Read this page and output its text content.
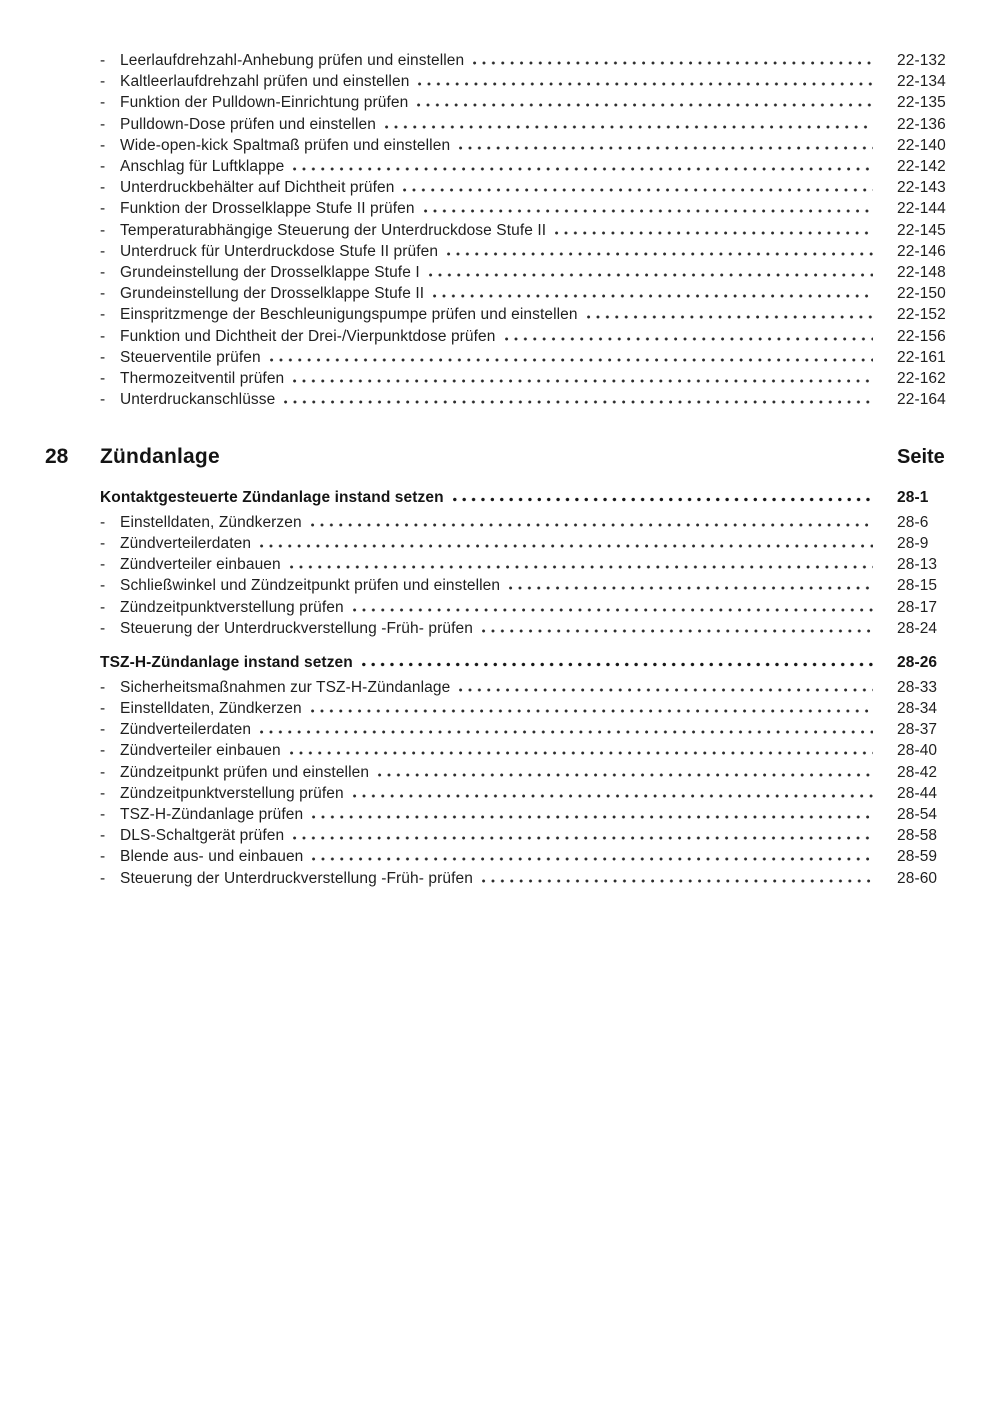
- Leerlaufdrehzahl-Anhebung prüfen und einstellen	22-132
- Kaltleerlaufdrehzahl prüfen und einstellen	22-134
- Funktion der Pulldown-Einrichtung prüfen	22-135
- Pulldown-Dose prüfen und einstellen	22-136
- Wide-open-kick Spaltmaß prüfen und einstellen	22-140
- Anschlag für Luftklappe	22-142
- Unterdruckbehälter auf Dichtheit prüfen	22-143
- Funktion der Drosselklappe Stufe II prüfen	22-144
- Temperaturabhängige Steuerung der Unterdruckdose Stufe II	22-145
- Unterdruck für Unterdruckdose Stufe II prüfen	22-146
- Grundeinstellung der Drosselklappe Stufe I	22-148
- Grundeinstellung der Drosselklappe Stufe II	22-150
- Einspritzmenge der Beschleunigungspumpe prüfen und einstellen	22-152
- Funktion und Dichtheit der Drei-/Vierpunktdose prüfen	22-156
- Steuerventile prüfen	22-161
- Thermozeitventil prüfen	22-162
- Unterdruckanschlüsse	22-164
28 Zündanlage	Seite
Kontaktgesteuerte Zündanlage instand setzen	28-1
- Einstelldaten, Zündkerzen	28-6
- Zündverteilerdaten	28-9
- Zündverteiler einbauen	28-13
- Schließwinkel und Zündzeitpunkt prüfen und einstellen	28-15
- Zündzeitpunktverstellung prüfen	28-17
- Steuerung der Unterdruckverstellung -Früh- prüfen	28-24
TSZ-H-Zündanlage instand setzen	28-26
- Sicherheitsmaßnahmen zur TSZ-H-Zündanlage	28-33
- Einstelldaten, Zündkerzen	28-34
- Zündverteilerdaten	28-37
- Zündverteiler einbauen	28-40
- Zündzeitpunkt prüfen und einstellen	28-42
- Zündzeitpunktverstellung prüfen	28-44
- TSZ-H-Zündanlage prüfen	28-54
- DLS-Schaltgerät prüfen	28-58
- Blende aus- und einbauen	28-59
- Steuerung der Unterdruckverstellung -Früh- prüfen	28-60
